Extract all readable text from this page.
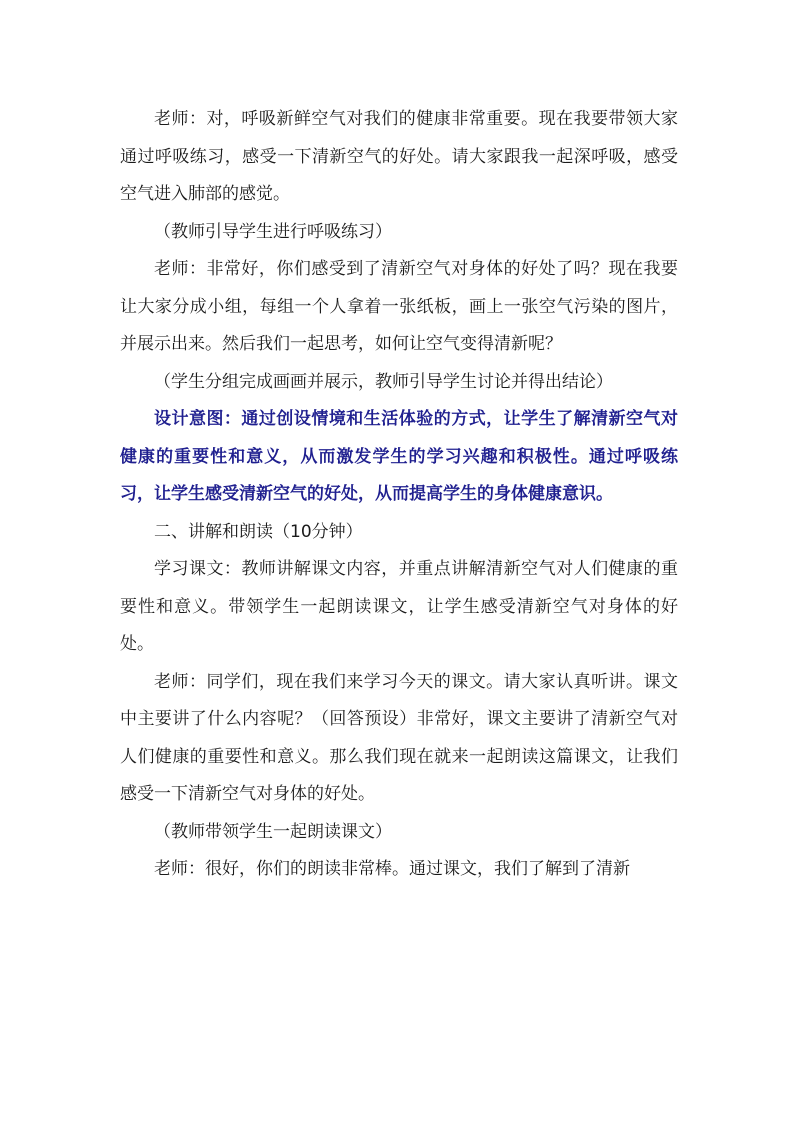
老师：对，呼吸新鲜空气对我们的健康非常重要。现在我要带领大家通过呼吸练习，感受一下清新空气的好处。请大家跟我一起深呼吸，感受空气进入肺部的感觉。

（教师引导学生进行呼吸练习）

老师：非常好，你们感受到了清新空气对身体的好处了吗？现在我要让大家分成小组，每组一个人拿着一张纸板，画上一张空气污染的图片，并展示出来。然后我们一起思考，如何让空气变得清新呢？

（学生分组完成画画并展示，教师引导学生讨论并得出结论）

设计意图：通过创设情境和生活体验的方式，让学生了解清新空气对健康的重要性和意义，从而激发学生的学习兴趣和积极性。通过呼吸练习，让学生感受清新空气的好处，从而提高学生的身体健康意识。

二、讲解和朗读（10分钟）

学习课文：教师讲解课文内容，并重点讲解清新空气对人们健康的重要性和意义。带领学生一起朗读课文，让学生感受清新空气对身体的好处。

老师：同学们，现在我们来学习今天的课文。请大家认真听讲。课文中主要讲了什么内容呢？（回答预设）非常好，课文主要讲了清新空气对人们健康的重要性和意义。那么我们现在就来一起朗读这篇课文，让我们感受一下清新空气对身体的好处。

（教师带领学生一起朗读课文）

老师：很好，你们的朗读非常棒。通过课文，我们了解到了清新
